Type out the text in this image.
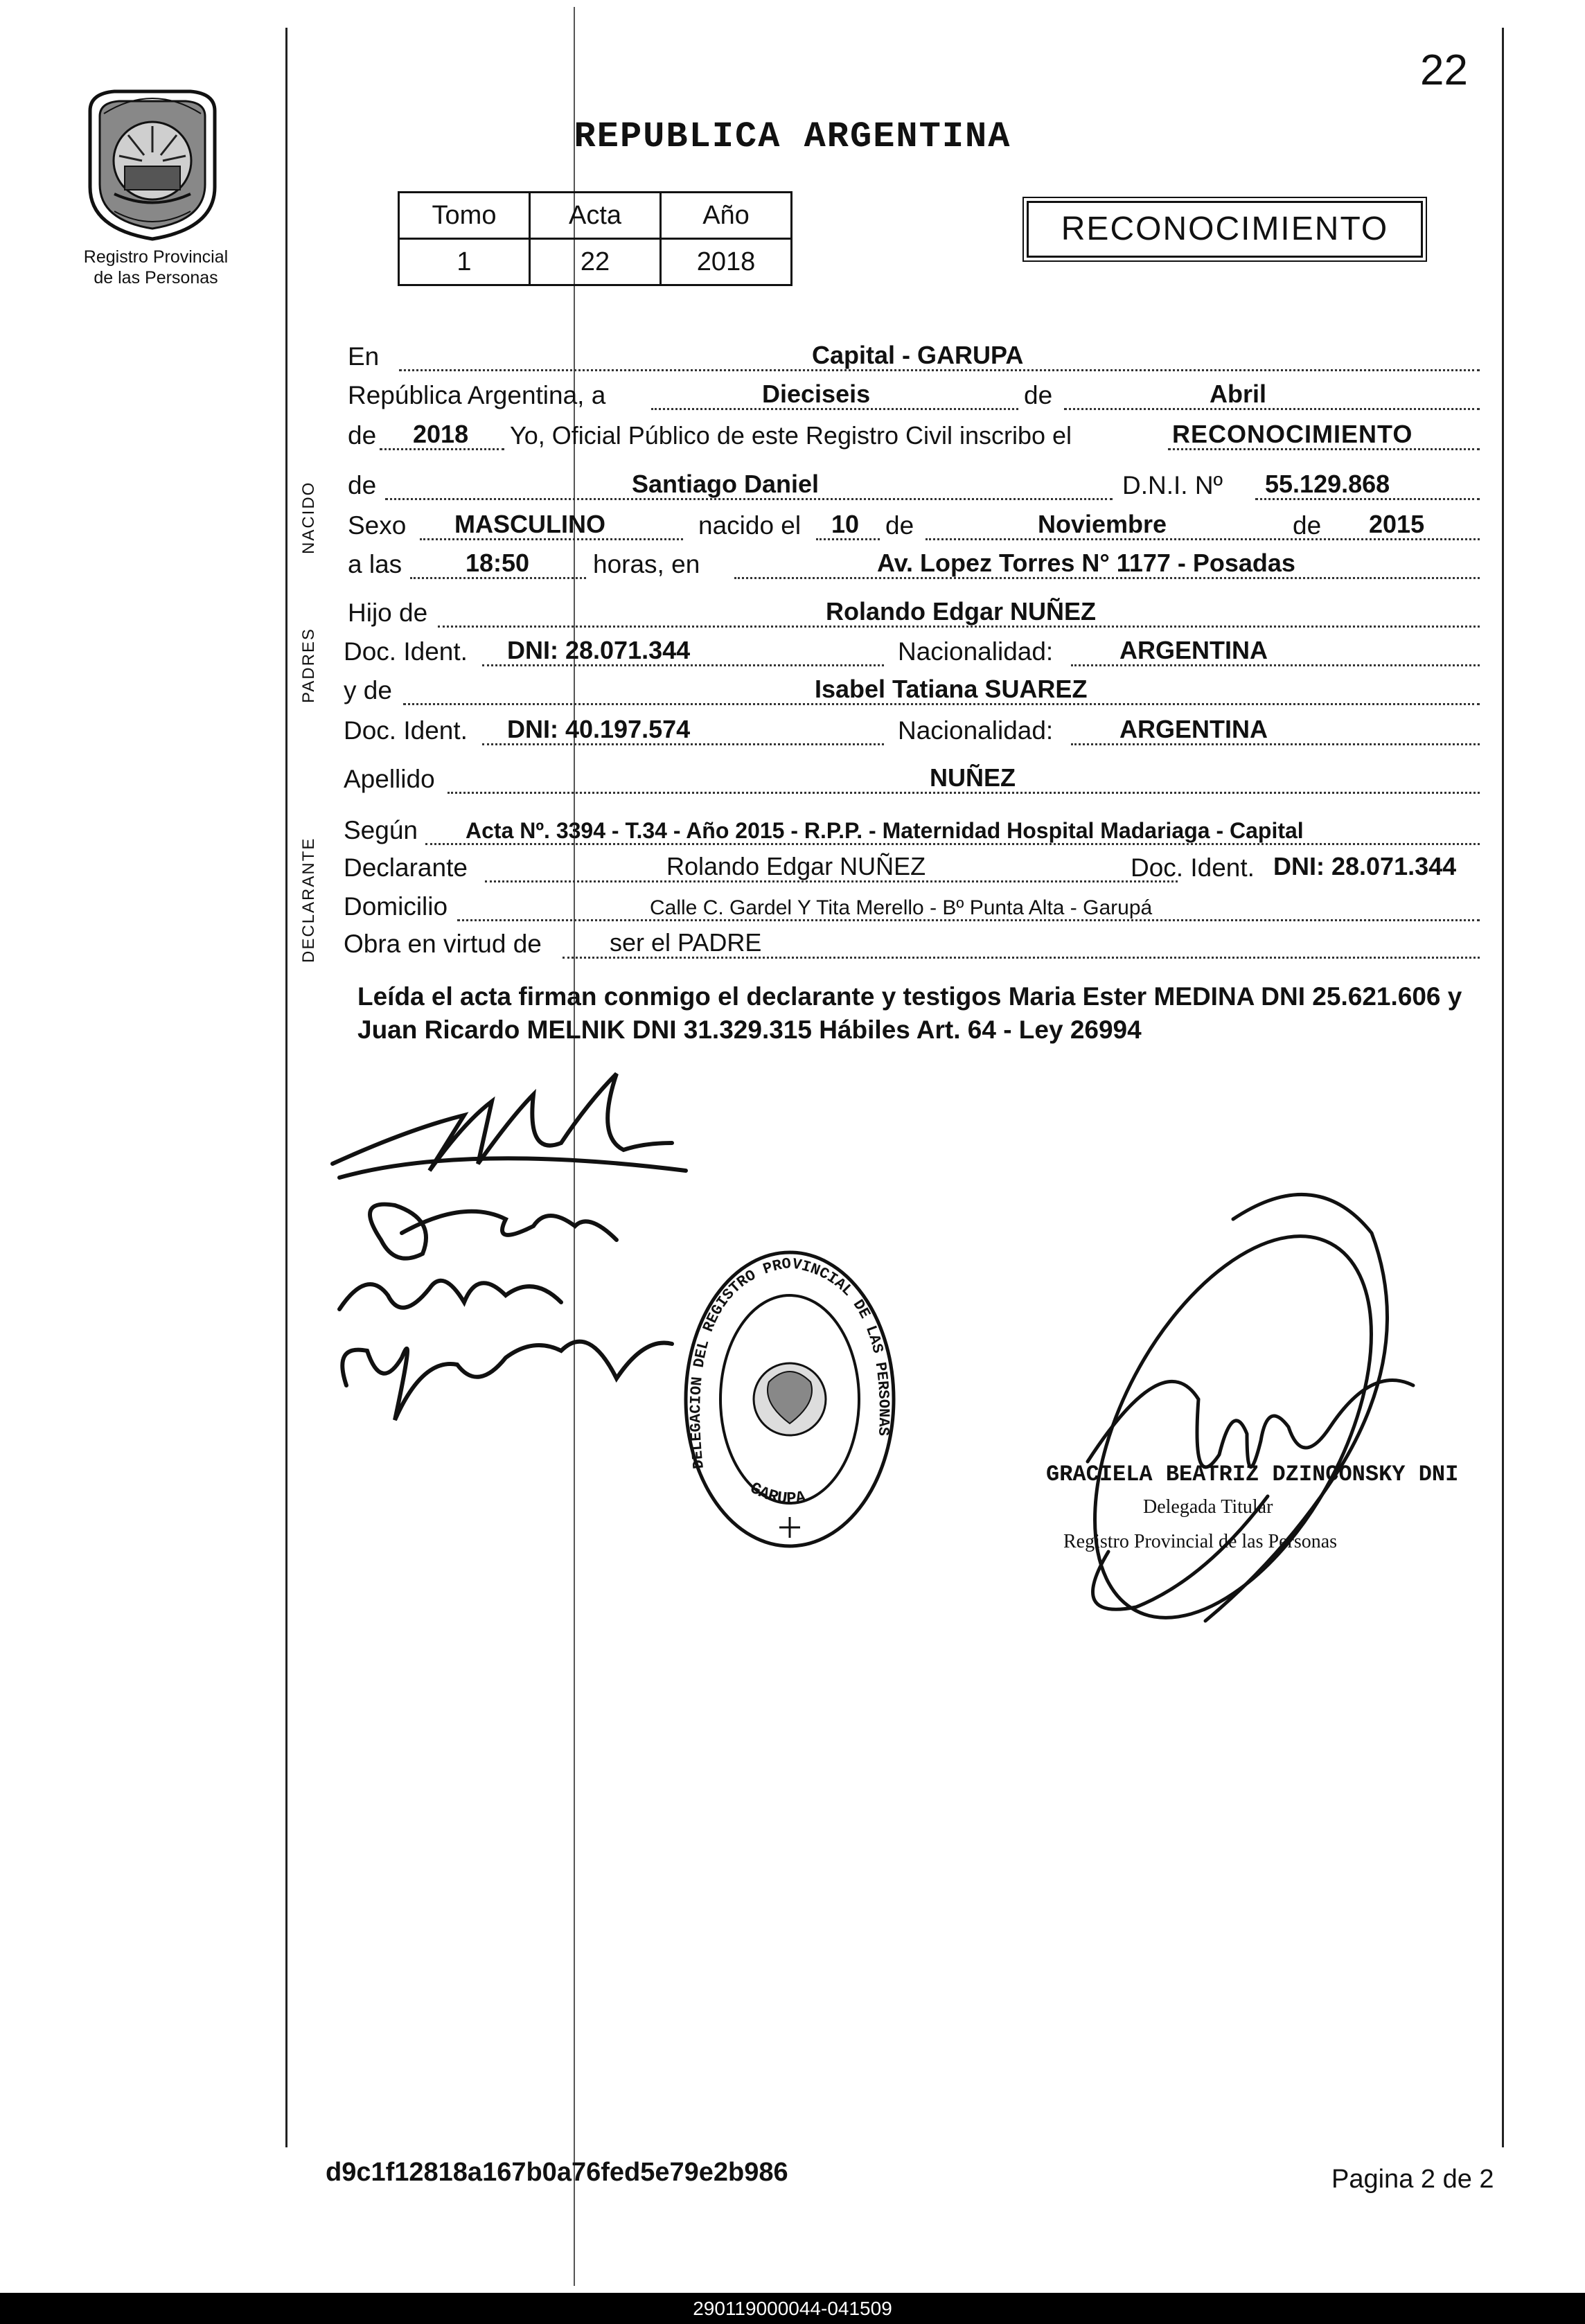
22
Registro Provincial
de las Personas
REPUBLICA ARGENTINA
Tomo	Acta	Año
1	22	2018
RECONOCIMIENTO
NACIDO
PADRES
DECLARANTE
En	Capital - GARUPA
República Argentina, a	Dieciseis	de	Abril
de 2018 Yo, Oficial Público de este Registro Civil inscribo el	RECONOCIMIENTO
de	Santiago Daniel	D.N.I. Nº 55.129.868
Sexo MASCULINO	nacido el 10 de	Noviembre	de 2015
a las	18:50 horas, en	Av. Lopez Torres N° 1177 - Posadas
Hijo de	Rolando Edgar NUÑEZ
Doc. Ident. DNI: 28.071.344	Nacionalidad:	ARGENTINA
y de	Isabel Tatiana SUAREZ
Doc. Ident. DNI: 40.197.574	Nacionalidad:	ARGENTINA
Apellido	NUÑEZ
Según Acta Nº. 3394 - T.34 - Año 2015 - R.P.P. - Maternidad Hospital Madariaga - Capital
Declarante	Rolando Edgar NUÑEZ	Doc. Ident. DNI: 28.071.344
Domicilio	Calle C. Gardel Y Tita Merello - Bº Punta Alta - Garupá
Obra en virtud de	ser el PADRE
Leída el acta firman conmigo el declarante y testigos Maria Ester MEDINA DNI 25.621.606 y Juan Ricardo MELNIK DNI 31.329.315 Hábiles Art. 64 - Ley 26994
DELEGACION DEL REGISTRO PROVINCIAL DE LAS PERSONAS
GARUPA
GRACIELA BEATRIZ DZINCONSKY DNI
Delegada Titular
Registro Provincial de las Personas
d9c1f12818a167b0a76fed5e79e2b986	Pagina 2 de 2
290119000044-041509
